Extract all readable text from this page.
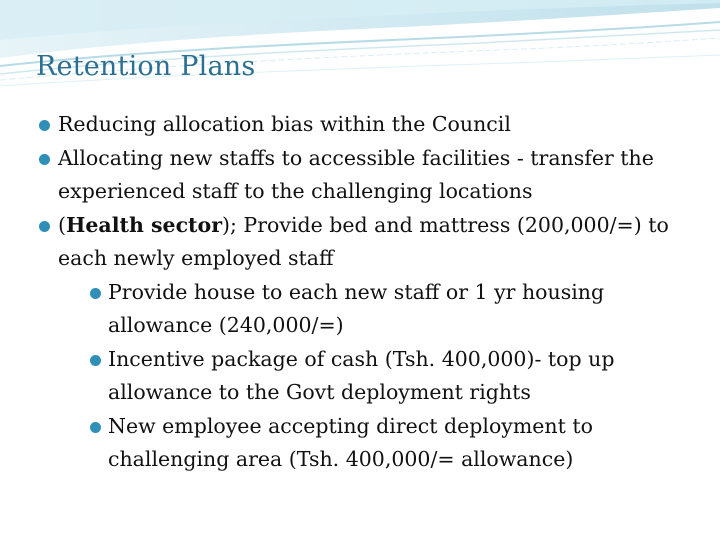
Retention Plans
Reducing allocation bias within the Council
Allocating new staffs to accessible facilities - transfer the experienced staff to the challenging locations
(Health sector); Provide bed and mattress (200,000/=) to each newly employed staff
Provide house to each new staff or 1 yr housing allowance (240,000/=)
Incentive package of cash (Tsh. 400,000)- top up allowance to the Govt deployment rights
New employee accepting direct deployment to challenging area (Tsh. 400,000/= allowance)
